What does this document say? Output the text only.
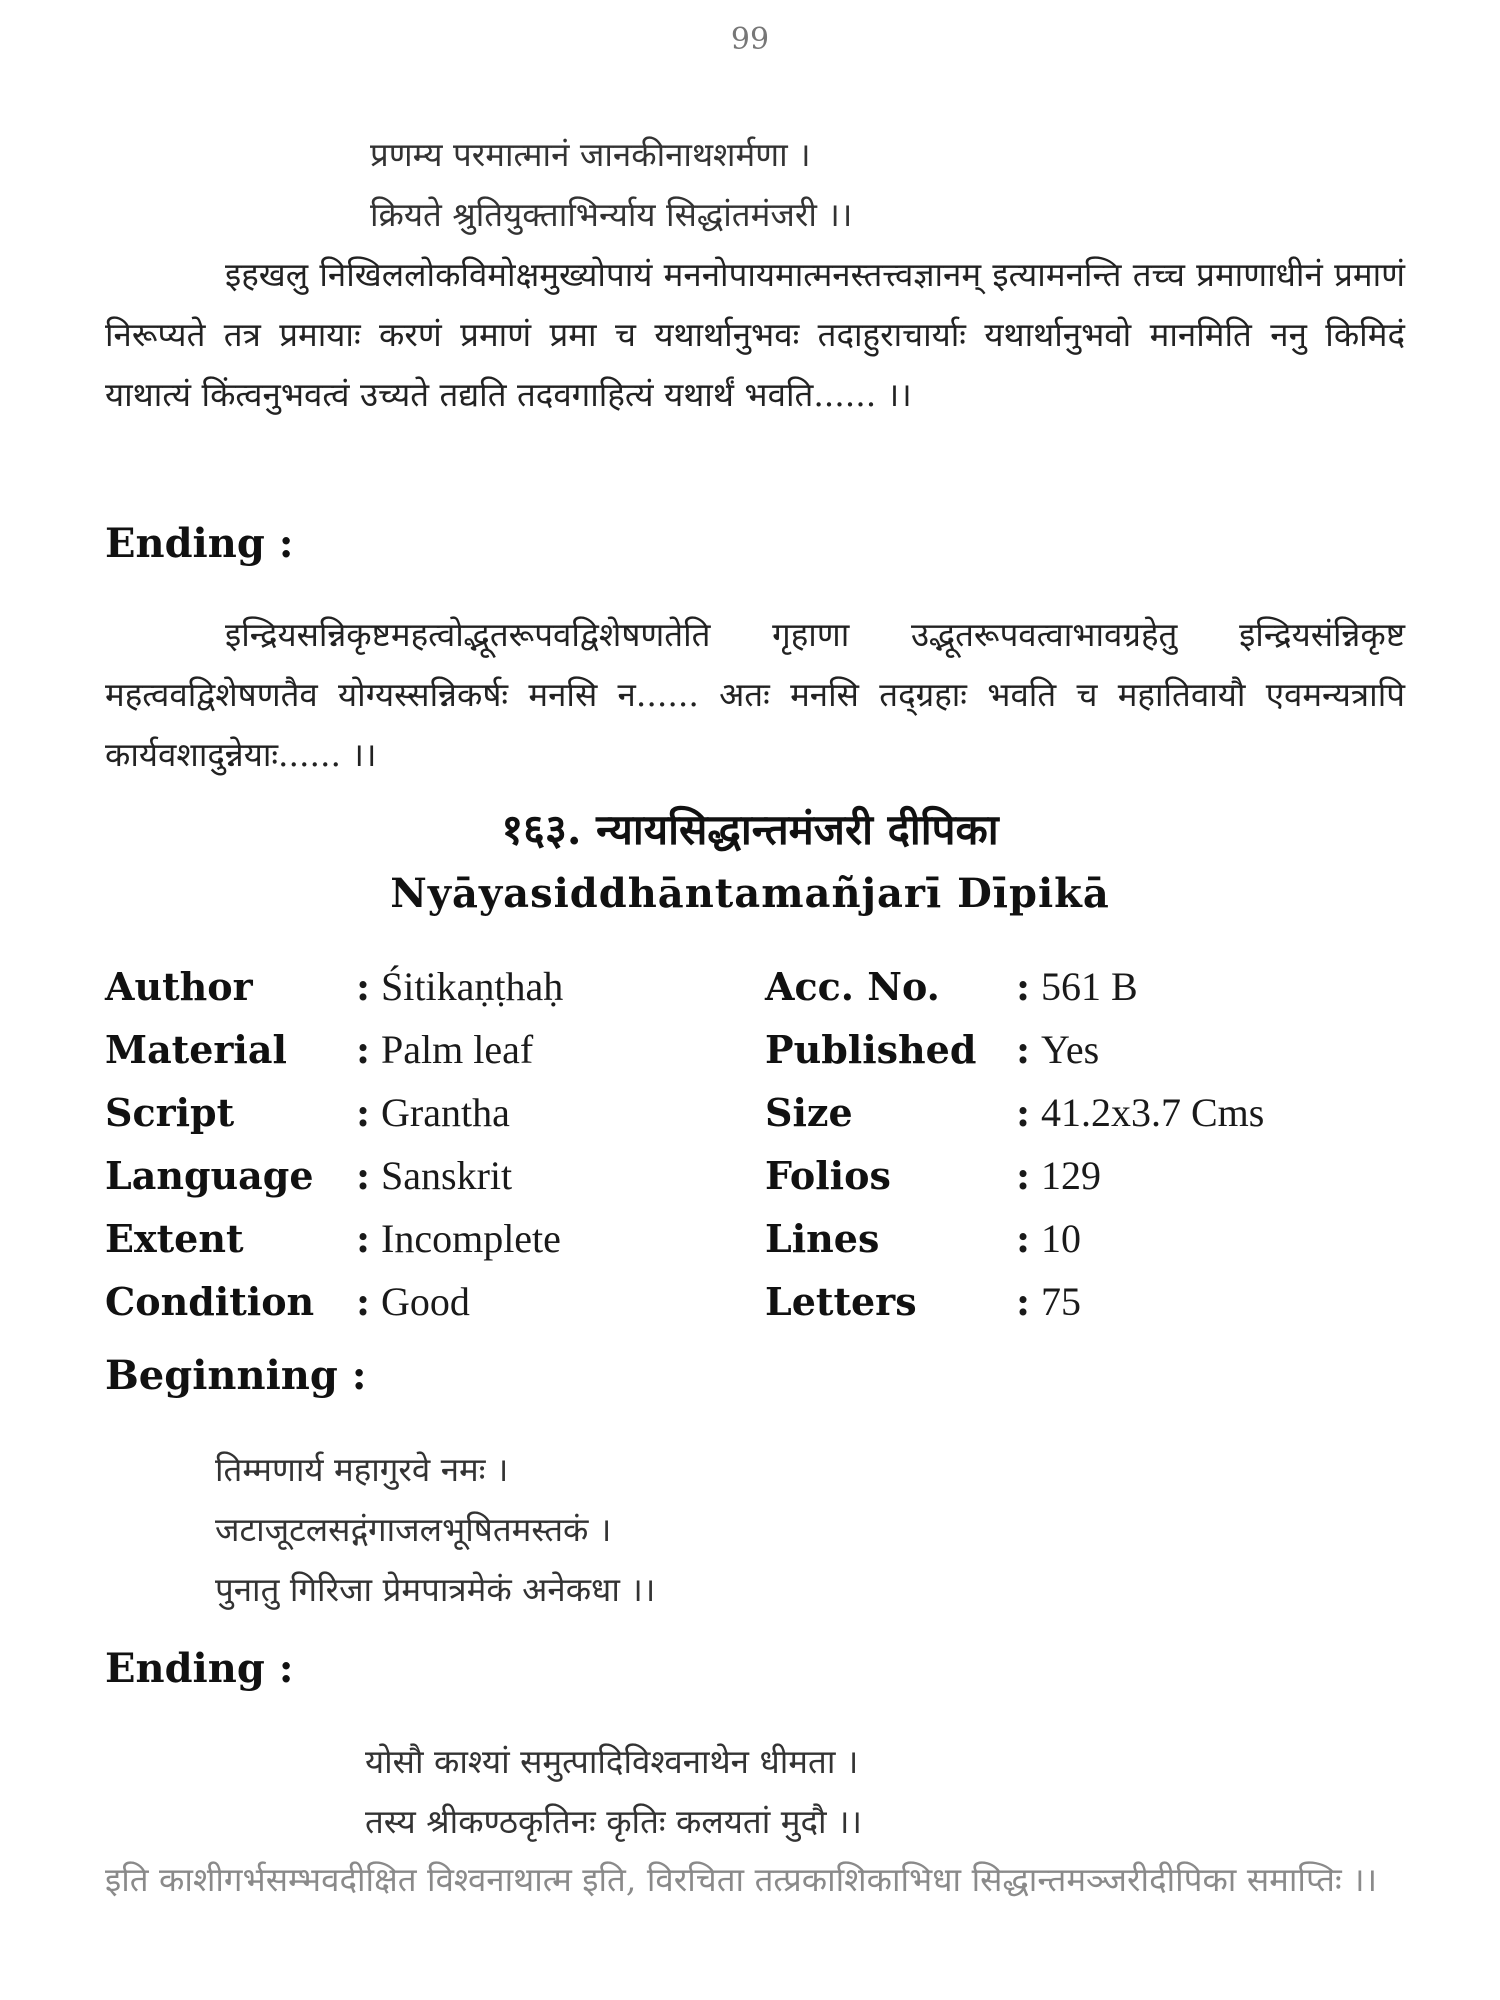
99
प्रणम्य परमात्मानं जानकीनाथशर्मणा ।
क्रियते श्रुतियुक्ताभिर्न्याय सिद्धांतमंजरी ।।

इहखलु निखिललोकविमोक्षमुख्योपायं मननोपायमात्मनस्तत्त्वज्ञानम् इत्यामनन्ति तच्च प्रमाणाधीनं प्रमाणं निरूप्यते तत्र प्रमायाः करणं प्रमाणं प्रमा च यथार्थानुभवः तदाहुराचार्याः यथार्थानुभवो मानमिति ननु किमिदं याथात्यं किंत्वनुभवत्वं उच्यते तद्यति तदवगाहित्यं यथार्थं भवति...... ।।

Ending :

इन्द्रियसन्निकृष्टमहत्वोद्भूतरूपवद्विशेषणतेति गृहाणा उद्भूतरूपवत्वाभावग्रहेतु इन्द्रियसंन्निकृष्ट महत्ववद्विशेषणतैव योग्यस्सन्निकर्षः मनसि न...... अतः मनसि तद्ग्रहाः भवति च महातिवायौ एवमन्यत्रापि कार्यवशादुन्नेयाः...... ।।

१६३. न्यायसिद्धान्तमंजरी दीपिका
Nyāyasiddhāntamañjarī Dīpikā
Author	: Śitikaṇṭhaḥ
Material	: Palm leaf
Script	: Grantha
Language	: Sanskrit
Extent	: Incomplete
Condition	: Good
Acc. No.	: 561 B
Published	: Yes
Size	: 41.2x3.7 Cms
Folios	: 129
Lines	: 10
Letters	: 75
Beginning :
तिम्मणार्य महागुरवे नमः ।
जटाजूटलसद्गंगाजलभूषितमस्तकं ।
पुनातु गिरिजा प्रेमपात्रमेकं अनेकधा ।।
Ending :
योसौ काश्यां समुत्पादिविश्वनाथेन धीमता ।
तस्य श्रीकण्ठकृतिनः कृतिः कलयतां मुदौ ।।
इति काशीगर्भसम्भवदीक्षित विश्वनाथात्म इति, विरचिता तत्प्रकाशिकाभिधा सिद्धान्तमञ्जरीदीपिका समाप्तिः ।।
